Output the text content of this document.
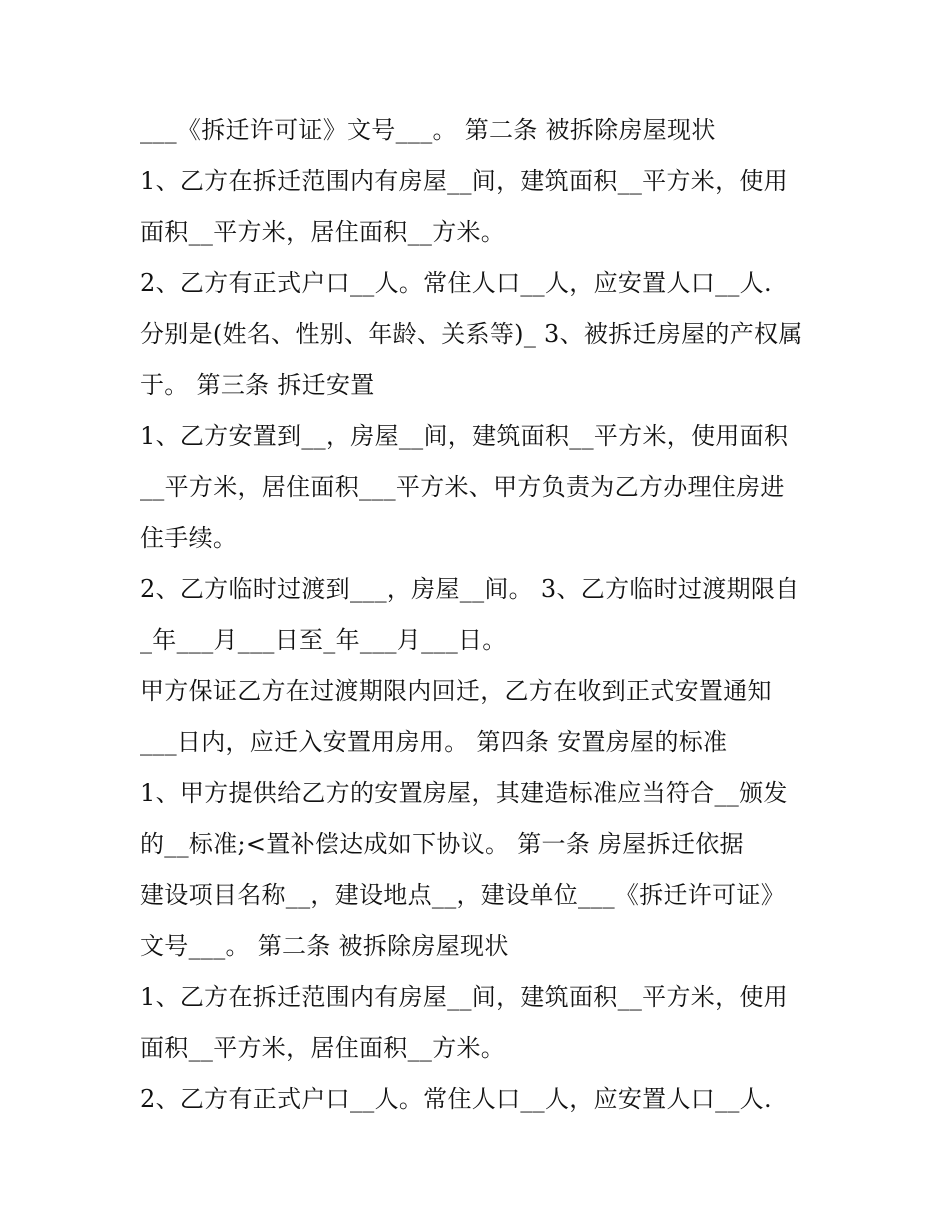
___《拆迁许可证》文号___。 第二条 被拆除房屋现状
1、乙方在拆迁范围内有房屋__间，建筑面积__平方米，使用
面积__平方米，居住面积__方米。
2、乙方有正式户口__人。常住人口__人，应安置人口__人.
分别是(姓名、性别、年龄、关系等)_ 3、被拆迁房屋的产权属
于。 第三条 拆迁安置
1、乙方安置到__，房屋__间，建筑面积__平方米，使用面积
__平方米，居住面积___平方米、甲方负责为乙方办理住房进
住手续。
2、乙方临时过渡到___，房屋__间。 3、乙方临时过渡期限自
_年___月___日至_年___月___日。
甲方保证乙方在过渡期限内回迁，乙方在收到正式安置通知
___日内，应迁入安置用房用。 第四条 安置房屋的标准
1、甲方提供给乙方的安置房屋，其建造标准应当符合__颁发
的__标准;<置补偿达成如下协议。 第一条 房屋拆迁依据
建设项目名称__，建设地点__，建设单位___《拆迁许可证》
文号___。 第二条 被拆除房屋现状
1、乙方在拆迁范围内有房屋__间，建筑面积__平方米，使用
面积__平方米，居住面积__方米。
2、乙方有正式户口__人。常住人口__人，应安置人口__人.
